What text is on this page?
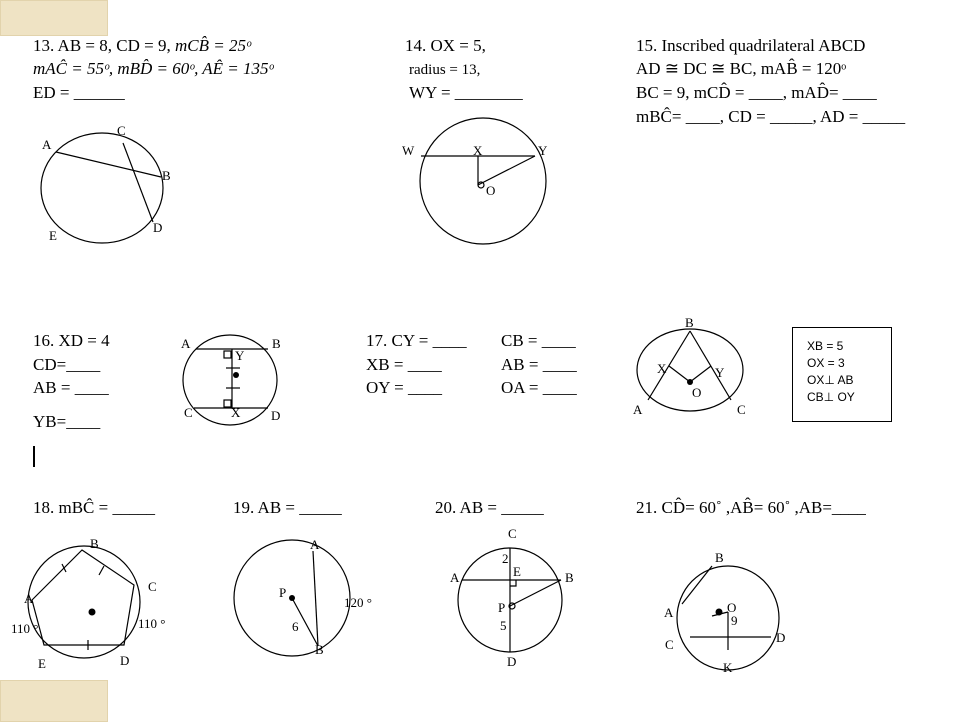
13. AB = 8, CD = 9, mCB̂ = 25ᵒ
mAĈ = 55ᵒ, mBD̂ = 60ᵒ, AÊ = 135ᵒ
ED = ______
14. OX = 5,
radius = 13,
WY = ________
15. Inscribed quadrilateral ABCD
AD ≅ DC ≅ BC, mAB̂ = 120ᵒ
BC = 9, mCD̂ = ____, mAD̂= ____
mBĈ= ____, CD = _____, AD = _____
16. XD = 4
CD=____
AB = ____
YB=____
17. CY = ____
XB = ____
OY = ____
CB = ____
AB = ____
OA = ____
XB = 5
OX = 3
OX⊥ AB
CB⊥ OY
18. mBĈ = _____	19. AB = _____	20. AB = _____	21. CD̂= 60˚ ,AB̂= 60˚ ,AB=____
A
C
B
D
E
W	X	Y
O
A	B
Y
C	X D
B
X	Y
O
A	C
B
C
A
E	D
110 °	110 °
A
P
6
120 °
B
C
2
A	E	B
P
5
D
B
A	O
9
C	D
K
